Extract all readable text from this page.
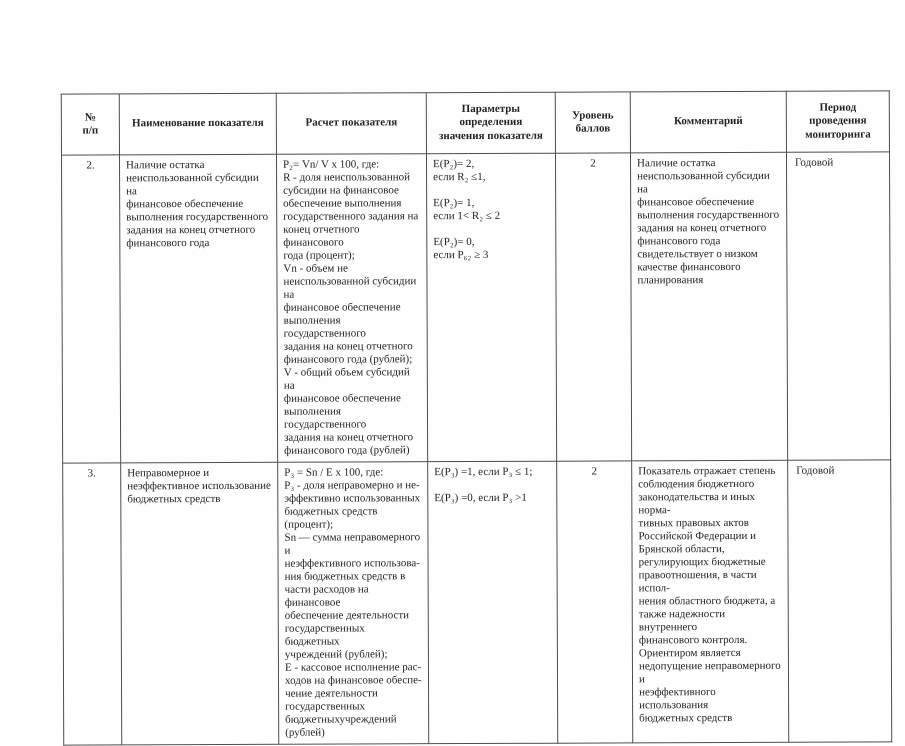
№
п/п	Наименование показателя	Расчет показателя	Параметры определения
значения показателя	Уровень
баллов	Комментарий	Период
проведения
мониторинга
2.	Наличие остатка
неиспользованной субсидии на
финансовое обеспечение
выполнения государственного
задания на конец отчетного
финансового года	Р₂= Vn/ V х 100, где:
R - доля неиспользованной
субсидии на финансовое
обеспечение выполнения
государственного задания на
конец отчетного финансового
года (процент);
Vn - объем не
неиспользованной субсидии на
финансовое обеспечение
выполнения государственного
задания на конец отчетного
финансового года (рублей);
V - общий объем субсидий на
финансовое обеспечение
выполнения государственного
задания на конец отчетного
финансового года (рублей)	Е(Р₂)= 2,
если R₂ ≤1,

Е(Р₂)= 1,
если 1< R₂ ≤ 2

Е(Р₂)= 0,
если Р₆₂ ≥ 3	2	Наличие остатка
неиспользованной субсидии на
финансовое обеспечение
выполнения государственного
задания на конец отчетного
финансового года
свидетельствует о низком
качестве финансового
планирования	Годовой
3.	Неправомерное и
неэффективное использование
бюджетных средств	Р₃ = Sn / Е х 100, где:
Р₃ - доля неправомерно и не-
эффективно использованных
бюджетных средств (процент);
Sn — сумма неправомерного и
неэффективного использова-
ния бюджетных средств в
части расходов на финансовое
обеспечение деятельности
государственных бюджетных
учреждений (рублей);
Е - кассовое исполнение рас-
ходов на финансовое обеспе-
чение деятельности
государственных
бюджетныхучреждений
(рублей)	Е(Р₃) =1, если Р₃ ≤ 1;

Е(Р₃) =0, если Р₃ >1	2	Показатель отражает степень
соблюдения бюджетного
законодательства и иных норма-
тивных правовых актов
Российской Федерации и
Брянской области,
регулирующих бюджетные
правоотношения, в части испол-
нения областного бюджета, а
также надежности внутреннего
финансового контроля.
Ориентиром является
недопущение неправомерного и
неэффективного использования
бюджетных средств	Годовой
